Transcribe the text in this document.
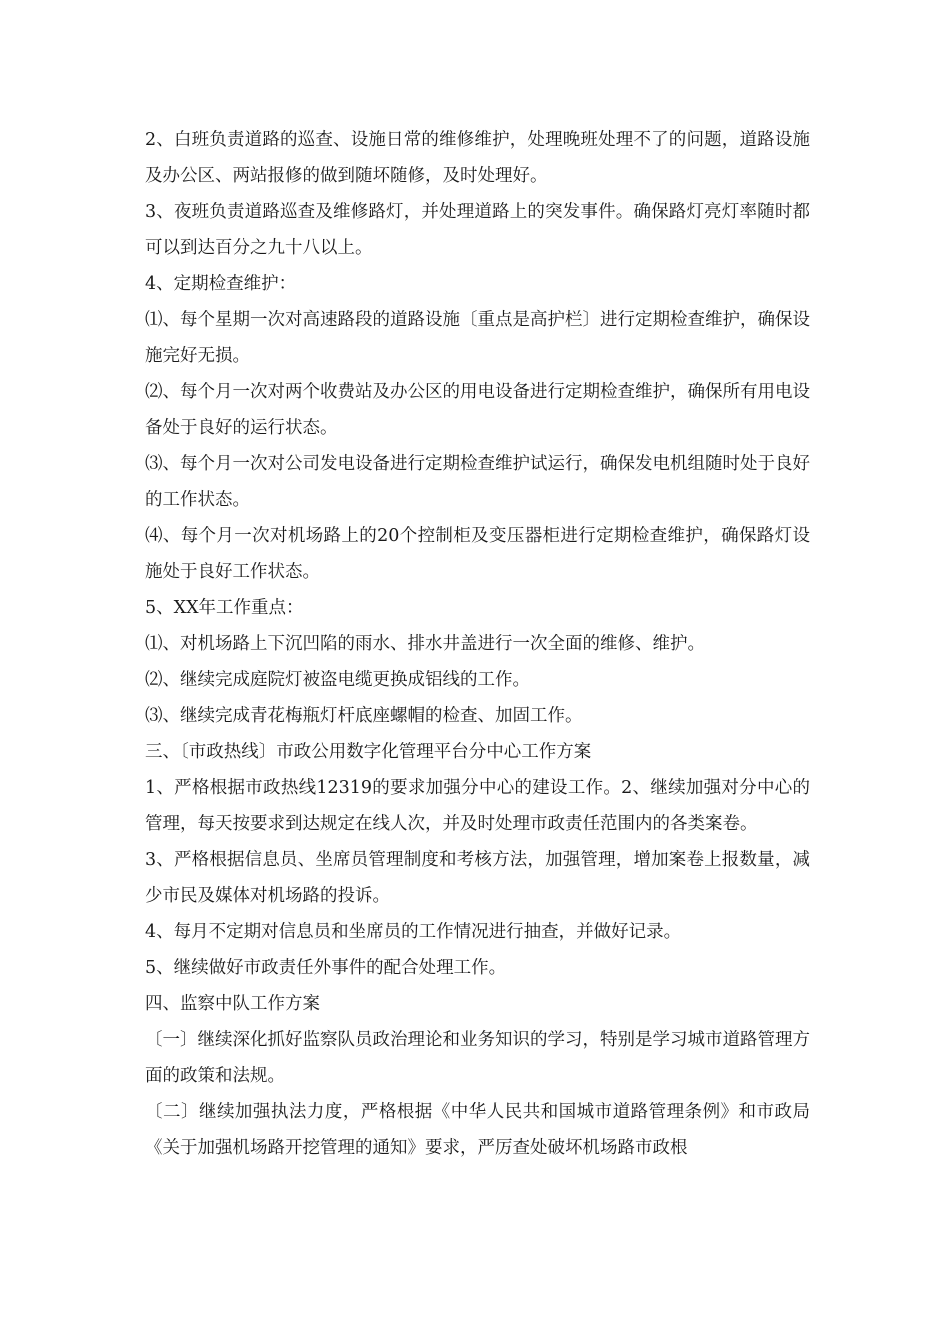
2、白班负责道路的巡查、设施日常的维修维护，处理晚班处理不了的问题，道路设施及办公区、两站报修的做到随坏随修，及时处理好。

3、夜班负责道路巡查及维修路灯，并处理道路上的突发事件。确保路灯亮灯率随时都可以到达百分之九十八以上。

4、定期检查维护：

⑴、每个星期一次对高速路段的道路设施〔重点是高护栏〕进行定期检查维护，确保设施完好无损。

⑵、每个月一次对两个收费站及办公区的用电设备进行定期检查维护，确保所有用电设备处于良好的运行状态。

⑶、每个月一次对公司发电设备进行定期检查维护试运行，确保发电机组随时处于良好的工作状态。

⑷、每个月一次对机场路上的20个控制柜及变压器柜进行定期检查维护，确保路灯设施处于良好工作状态。

5、XX年工作重点：

⑴、对机场路上下沉凹陷的雨水、排水井盖进行一次全面的维修、维护。

⑵、继续完成庭院灯被盗电缆更换成铝线的工作。

⑶、继续完成青花梅瓶灯杆底座螺帽的检查、加固工作。

三、〔市政热线〕市政公用数字化管理平台分中心工作方案

1、严格根据市政热线12319的要求加强分中心的建设工作。2、继续加强对分中心的管理，每天按要求到达规定在线人次，并及时处理市政责任范围内的各类案卷。

3、严格根据信息员、坐席员管理制度和考核方法，加强管理，增加案卷上报数量，减少市民及媒体对机场路的投诉。

4、每月不定期对信息员和坐席员的工作情况进行抽查，并做好记录。

5、继续做好市政责任外事件的配合处理工作。

四、监察中队工作方案

〔一〕继续深化抓好监察队员政治理论和业务知识的学习，特别是学习城市道路管理方面的政策和法规。

〔二〕继续加强执法力度，严格根据《中华人民共和国城市道路管理条例》和市政局《关于加强机场路开挖管理的通知》要求，严厉查处破坏机场路市政根
